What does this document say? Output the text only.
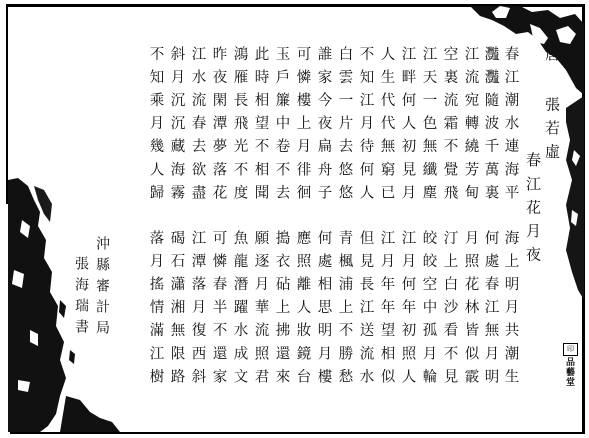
唐 張若虛
春江花月夜
春江潮水連海平
灩灩隨波千萬裏
江流宛轉繞芳甸
空裏流霜不覺飛
江天一色無纖塵
江畔何人初見月
人生代代無窮已
不知江月待何人
白雲一片去悠悠
誰家今夜扁舟子
可憐樓上月徘徊
玉戶簾中卷不去
此時相望不相聞
鴻雁長飛光不度
昨夜閑潭夢落花
江水流春去欲盡
斜月沉沉藏海霧
不知乘月幾人歸
海上明月共潮生
何處春江無月明
月照花林皆似霰
汀上白沙看不見
皎皎空中孤月輪
江月何年初照人
江月年年望相似
但見長江送流水
青楓浦上不勝愁
何處相思明月樓
應照離人妝鏡台
搗衣砧上拂還來
願逐月華流照君
魚龍潛躍水成文
可憐春半不還家
江潭落月復西斜
碣石瀟湘無限路
落月搖情滿江樹
沖縣審計局
張海瑞書
印
品藝堂
